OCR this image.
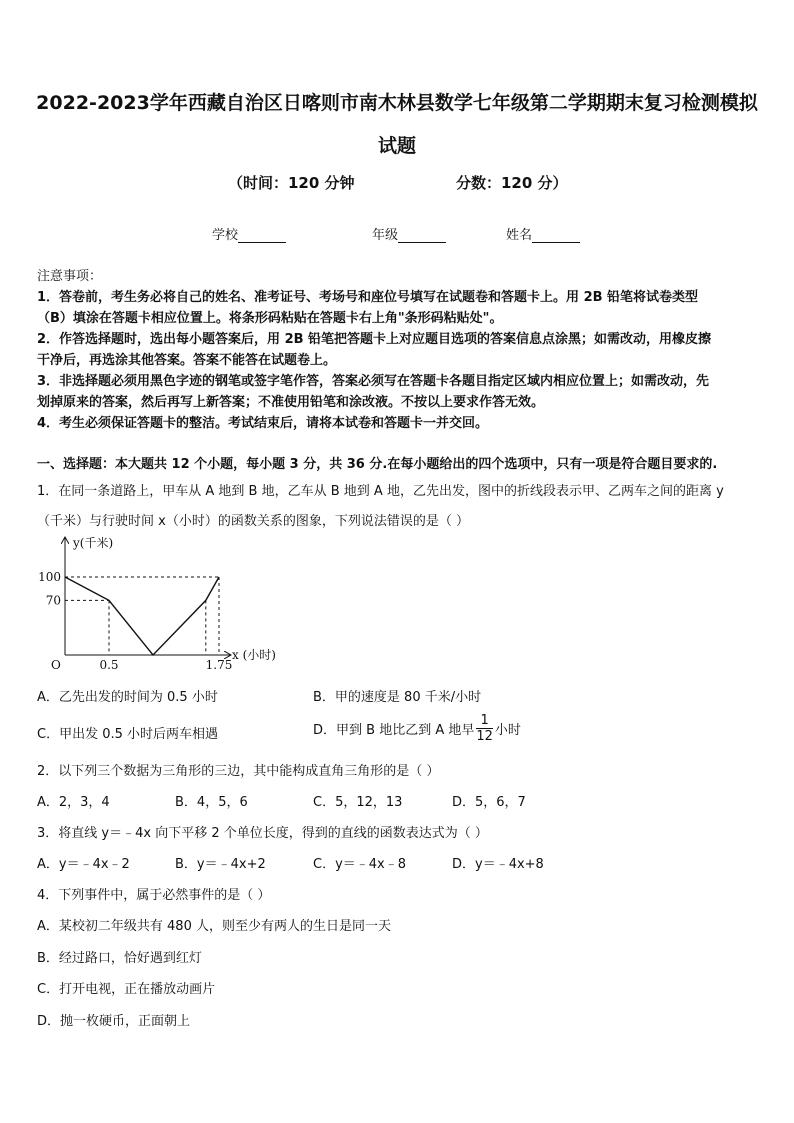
2022-2023学年西藏自治区日喀则市南木林县数学七年级第二学期期末复习检测模拟
试题
（时间：120 分钟	分数：120 分）
学校	年级	姓名
注意事项：
1．答卷前，考生务必将自己的姓名、准考证号、考场号和座位号填写在试题卷和答题卡上。用 2B 铅笔将试卷类型
（B）填涂在答题卡相应位置上。将条形码粘贴在答题卡右上角"条形码粘贴处"。
2．作答选择题时，选出每小题答案后，用 2B 铅笔把答题卡上对应题目选项的答案信息点涂黑；如需改动，用橡皮擦
干净后，再选涂其他答案。答案不能答在试题卷上。
3．非选择题必须用黑色字迹的钢笔或签字笔作答，答案必须写在答题卡各题目指定区域内相应位置上；如需改动，先
划掉原来的答案，然后再写上新答案；不准使用铅笔和涂改液。不按以上要求作答无效。
4．考生必须保证答题卡的整洁。考试结束后，请将本试卷和答题卡一并交回。
一、选择题：本大题共 12 个小题，每小题 3 分，共 36 分.在每小题给出的四个选项中，只有一项是符合题目要求的.
1．在同一条道路上，甲车从 A 地到 B 地，乙车从 B 地到 A 地，乙先出发，图中的折线段表示甲、乙两车之间的距离 y
（千米）与行驶时间 x（小时）的函数关系的图象，下列说法错误的是（ ）
y(千米)
x (小时)
O
100
70
0.5	1.75
A．乙先出发的时间为 0.5 小时	B．甲的速度是 80 千米/小时
C．甲出发 0.5 小时后两车相遇	D．甲到 B 地比乙到 A 地早 $\frac{1}{12}$ 小时
2．以下列三个数据为三角形的三边，其中能构成直角三角形的是（ ）
A．2，3，4	B．4，5，6	C．5，12，13	D．5，6，7
3．将直线 y＝﹣4x 向下平移 2 个单位长度，得到的直线的函数表达式为（ ）
A．y＝﹣4x﹣2	B．y＝﹣4x+2	C．y＝﹣4x﹣8	D．y＝﹣4x+8
4．下列事件中，属于必然事件的是（ ）
A．某校初二年级共有 480 人，则至少有两人的生日是同一天
B．经过路口，恰好遇到红灯
C．打开电视，正在播放动画片
D．抛一枚硬币，正面朝上
